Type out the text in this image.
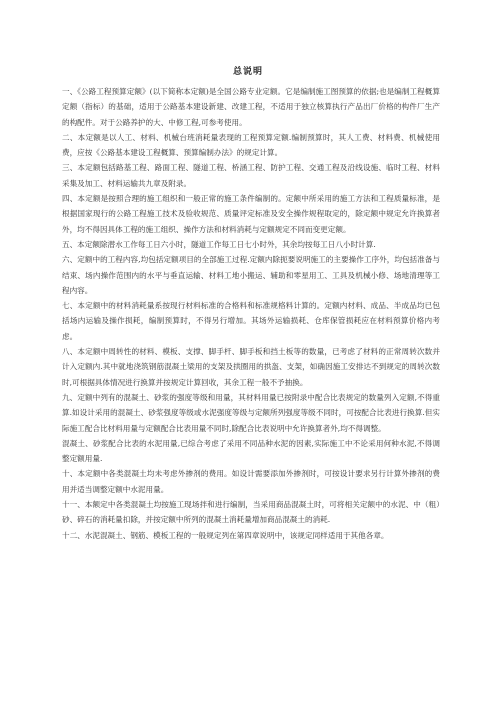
总说明

一、《公路工程预算定额》(以下简称本定额)是全国公路专业定额。它是编制施工图预算的依据;也是编制工程概算定额（指标）的基础，适用于公路基本建设新建、改建工程，不适用于独立核算执行产品出厂价格的构件厂生产的构配件。对于公路养护的大、中修工程,可参考使用。

二、本定额是以人工、材料、机械台班消耗量表现的工程预算定额.编制预算时，其人工费、材料费、机械使用费，应按《公路基本建设工程概算、预算编制办法》的规定计算。

三、本定额包括路基工程、路面工程、隧道工程、桥涵工程、防护工程、交通工程及沿线设施、临时工程、材料采集及加工、材料运输共九章及附录。

四、本定额是按照合理的施工组织和一般正常的施工条件编制的。定额中所采用的施工方法和工程质量标准，是根据国家现行的公路工程施工技术及验收规范、质量评定标准及安全操作规程取定的，除定额中规定允许换算者外，均不得因具体工程的施工组织、操作方法和材料消耗与定额规定不同而变更定额。

五、本定额除潜水工作每工日六小时，隧道工作每工日七小时外，其余均按每工日八小时计算.

六、定额中的工程内容,均包括定额项目的全部施工过程.定额内除扼要说明施工的主要操作工序外，均包括准备与结束、场内操作范围内的水平与垂直运输、材料工地小搬运、辅助和零星用工、工具及机械小修、场地清理等工程内容。

七、本定额中的材料消耗量系按现行材料标准的合格料和标准规格料计算的。定额内材料、成品、半成品均已包括场内运输及操作损耗，编制预算时，不得另行增加。其场外运输损耗、仓库保管损耗应在材料预算价格内考虑。

八、本定额中周转性的材料、模板、支撑、脚手杆、脚手板和挡土板等的数量，已考虑了材料的正常周转次数并计入定额内.其中就地浇筑钢筋混凝土梁用的支架及拱圈用的拱盔、支架，如确因施工安排达不到规定的周转次数时,可根据具体情况进行换算并按规定计算回收，其余工程一般不予抽换。

九、定额中列有的混凝土、砂浆的强度等级和用量，其材料用量已按附录中配合比表规定的数量列入定额,不得重算.如设计采用的混凝土、砂浆强度等级或水泥强度等级与定额所列强度等级不同时，可按配合比表进行换算.但实际施工配合比材料用量与定额配合比表用量不同时,除配合比表说明中允许换算者外,均不得调整。

混凝土、砂浆配合比表的水泥用量,已综合考虑了采用不同品种水泥的因素,实际施工中不论采用何种水泥,不得调整定额用量.

十、本定额中各类混凝土均未考虑外掺剂的费用。如设计需要添加外掺剂时，可按设计要求另行计算外掺剂的费用并适当调整定额中水泥用量。

十一、本额定中各类混凝土均按施工现场拌和进行编制，当采用商品混凝土时，可将相关定额中的水泥、中（粗）砂、碎石的消耗量扣除，并按定额中所列的混凝土消耗量增加商品混凝土的消耗.

十二、水泥混凝土、钢筋、模板工程的一般规定列在第四章说明中，该规定同样适用于其他各章。
